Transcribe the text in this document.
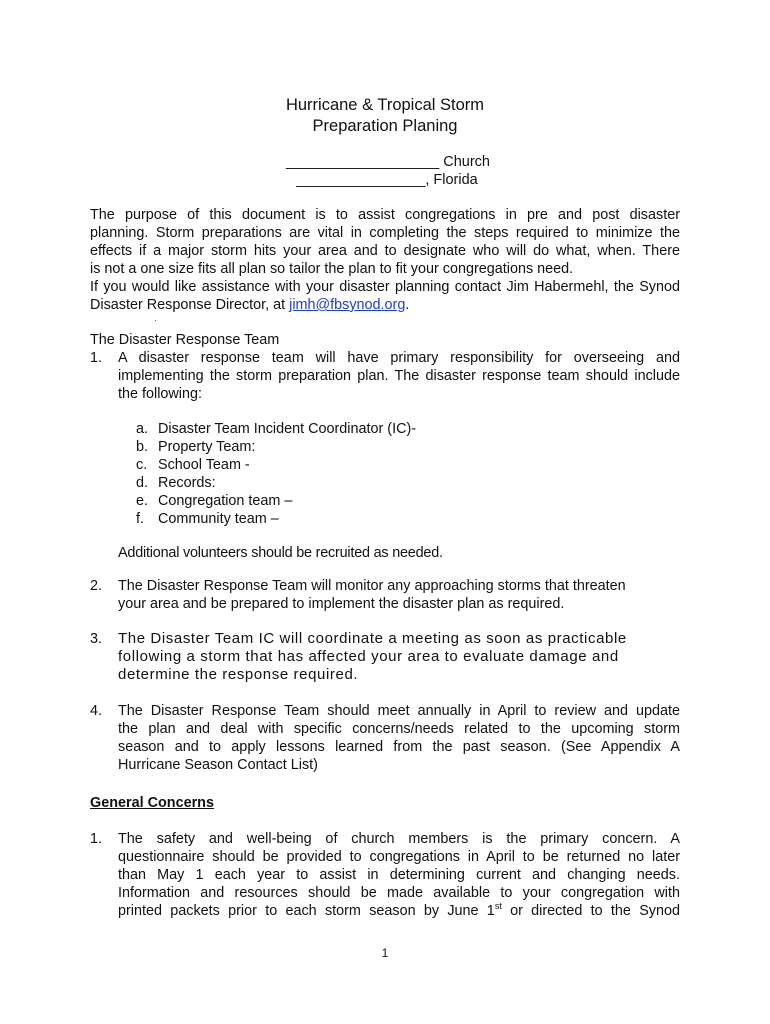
Hurricane & Tropical Storm
Preparation Planing
___________________ Church
________________, Florida
The purpose of this document is to assist congregations in pre and post disaster
planning. Storm preparations are vital in completing the steps required to minimize the
effects if a major storm hits your area and to designate who will do what, when. There
is not a one size fits all plan so tailor the plan to fit your congregations need.
If you would like assistance with your disaster planning contact Jim Habermehl, the Synod
Disaster Response Director, at jimh@fbsynod.org.
·
The Disaster Response Team
1.	A disaster response team will have primary responsibility for overseeing and
implementing the storm preparation plan. The disaster response team should include
the following:
a. Disaster Team Incident Coordinator (IC)-
b. Property Team:
c. School Team -
d. Records:
e. Congregation team –
f. Community team –
Additional volunteers should be recruited as needed.
2.	The Disaster Response Team will monitor any approaching storms that threaten
your area and be prepared to implement the disaster plan as required.
3.	The Disaster Team IC will coordinate a meeting as soon as practicable
following a storm that has affected your area to evaluate damage and
determine the response required.
4.	The Disaster Response Team should meet annually in April to review and update
the plan and deal with specific concerns/needs related to the upcoming storm
season and to apply lessons learned from the past season. (See Appendix A
Hurricane Season Contact List)
General Concerns
1.	The safety and well-being of church members is the primary concern. A
questionnaire should be provided to congregations in April to be returned no later
than May 1 each year to assist in determining current and changing needs.
Information and resources should be made available to your congregation with
printed packets prior to each storm season by June 1st or directed to the Synod
1
